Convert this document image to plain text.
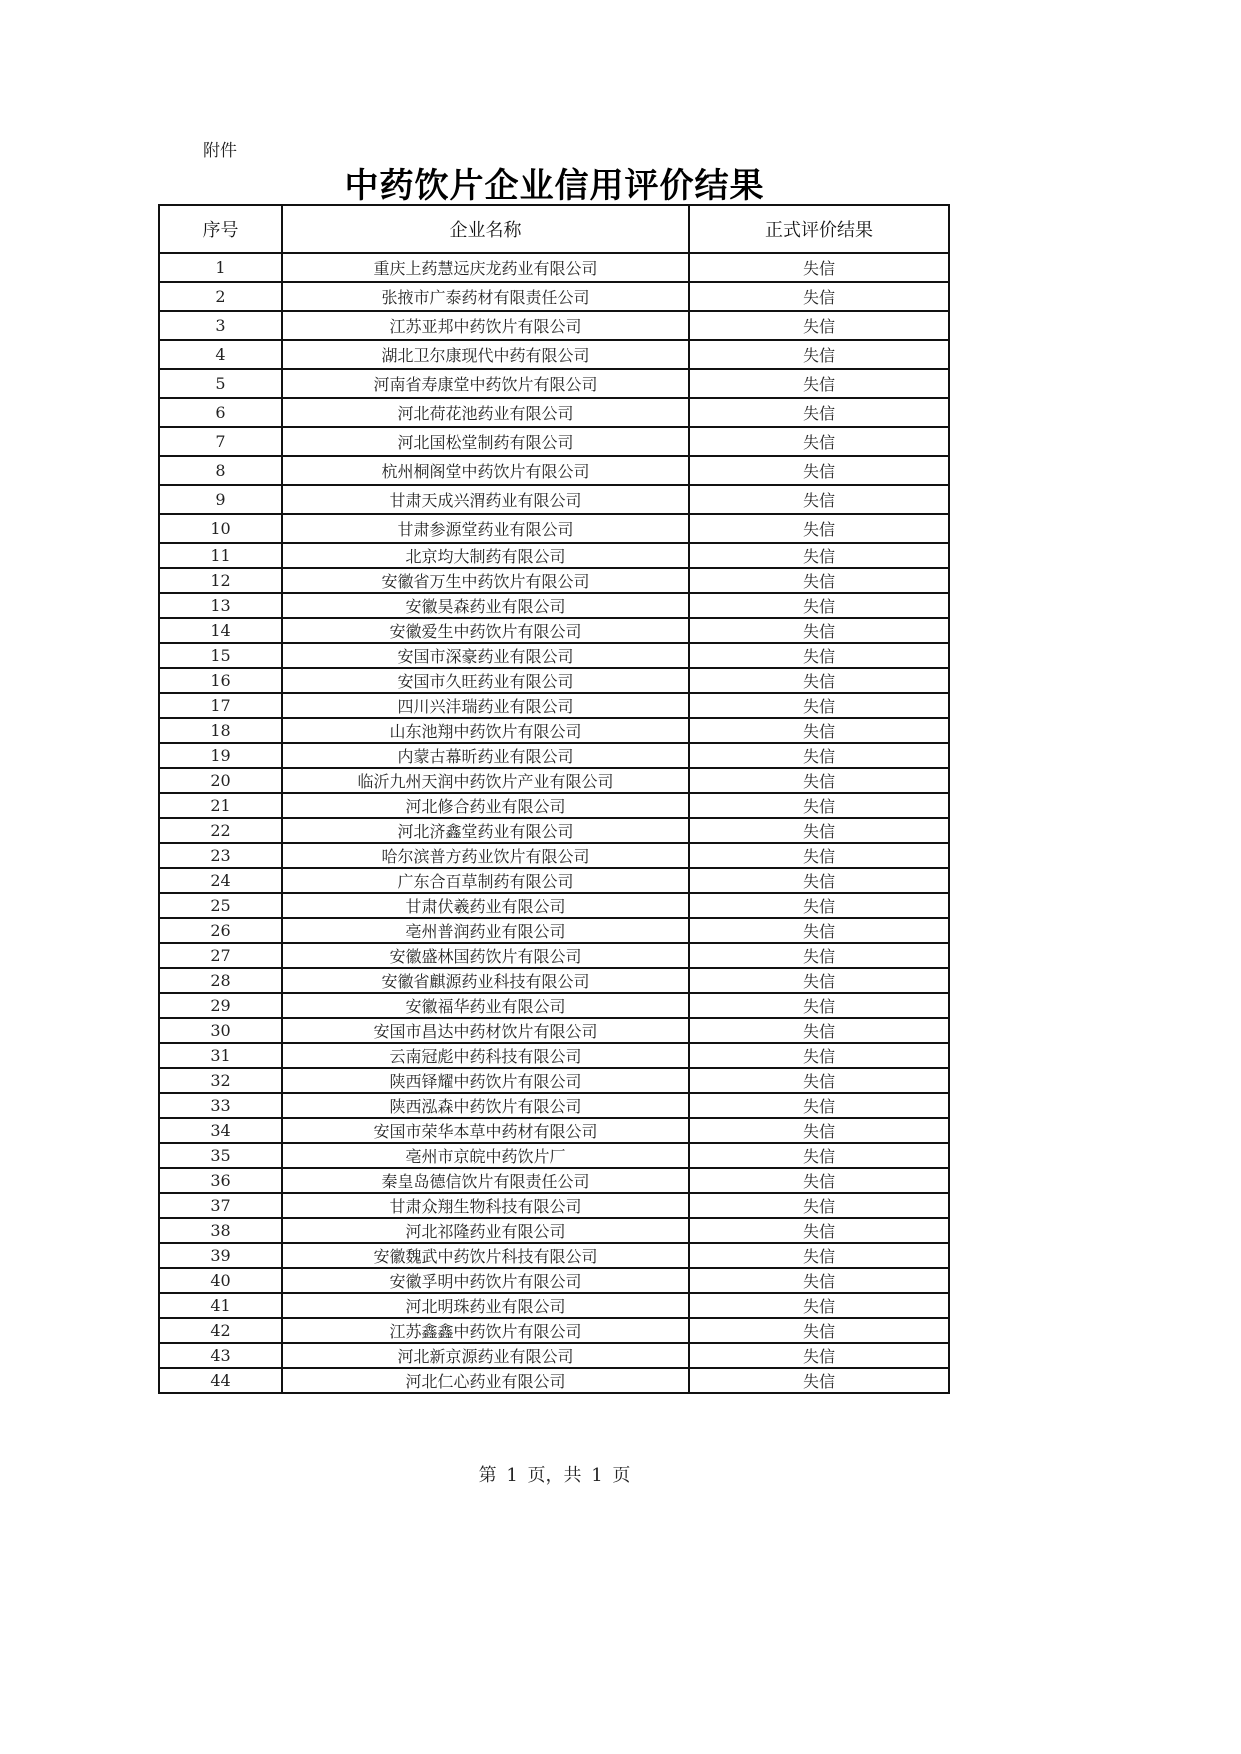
附件
中药饮片企业信用评价结果
序号	企业名称	正式评价结果
1	重庆上药慧远庆龙药业有限公司	失信
2	张掖市广泰药材有限责任公司	失信
3	江苏亚邦中药饮片有限公司	失信
4	湖北卫尔康现代中药有限公司	失信
5	河南省寿康堂中药饮片有限公司	失信
6	河北荷花池药业有限公司	失信
7	河北国松堂制药有限公司	失信
8	杭州桐阁堂中药饮片有限公司	失信
9	甘肃天成兴渭药业有限公司	失信
10	甘肃参源堂药业有限公司	失信
11	北京均大制药有限公司	失信
12	安徽省万生中药饮片有限公司	失信
13	安徽昊森药业有限公司	失信
14	安徽爱生中药饮片有限公司	失信
15	安国市深豪药业有限公司	失信
16	安国市久旺药业有限公司	失信
17	四川兴沣瑞药业有限公司	失信
18	山东池翔中药饮片有限公司	失信
19	内蒙古幕昕药业有限公司	失信
20	临沂九州天润中药饮片产业有限公司	失信
21	河北修合药业有限公司	失信
22	河北济鑫堂药业有限公司	失信
23	哈尔滨普方药业饮片有限公司	失信
24	广东合百草制药有限公司	失信
25	甘肃伏羲药业有限公司	失信
26	亳州普润药业有限公司	失信
27	安徽盛林国药饮片有限公司	失信
28	安徽省麒源药业科技有限公司	失信
29	安徽福华药业有限公司	失信
30	安国市昌达中药材饮片有限公司	失信
31	云南冠彪中药科技有限公司	失信
32	陕西铎耀中药饮片有限公司	失信
33	陕西泓森中药饮片有限公司	失信
34	安国市荣华本草中药材有限公司	失信
35	亳州市京皖中药饮片厂	失信
36	秦皇岛德信饮片有限责任公司	失信
37	甘肃众翔生物科技有限公司	失信
38	河北祁隆药业有限公司	失信
39	安徽魏武中药饮片科技有限公司	失信
40	安徽孚明中药饮片有限公司	失信
41	河北明珠药业有限公司	失信
42	江苏鑫鑫中药饮片有限公司	失信
43	河北新京源药业有限公司	失信
44	河北仁心药业有限公司	失信
第 1 页，共 1 页
